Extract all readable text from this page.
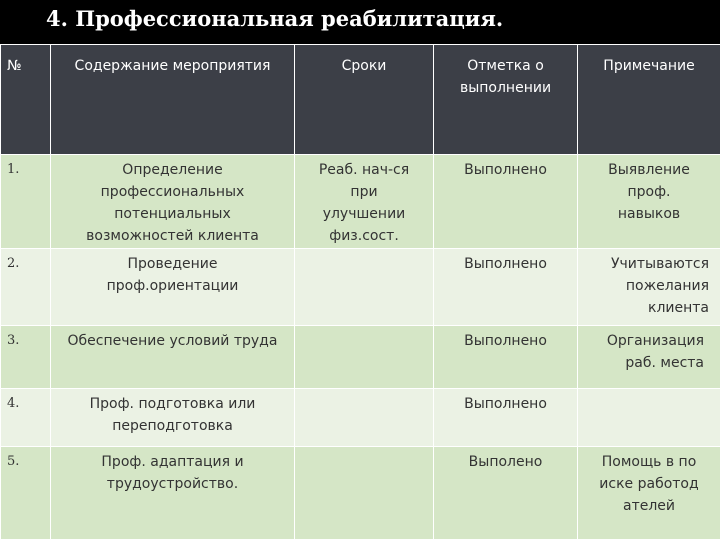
4. Профессиональная реабилитация.
№	Содержание мероприятия	Сроки	Отметка о выполнении	Примечание
1.	Определение профессиональных потенциальных возможностей клиента	Реаб. нач-ся при улучшении физ.сост.	Выполнено	Выявление проф. навыков
2.	Проведение проф.ориентации		Выполнено	Учитываются пожелания клиента
3.	Обеспечение условий труда		Выполнено	Организация раб. места
4.	Проф. подготовка или переподготовка		Выполнено	
5.	Проф. адаптация и трудоустройство.		Выполено	Помощь в поиске работодателей
